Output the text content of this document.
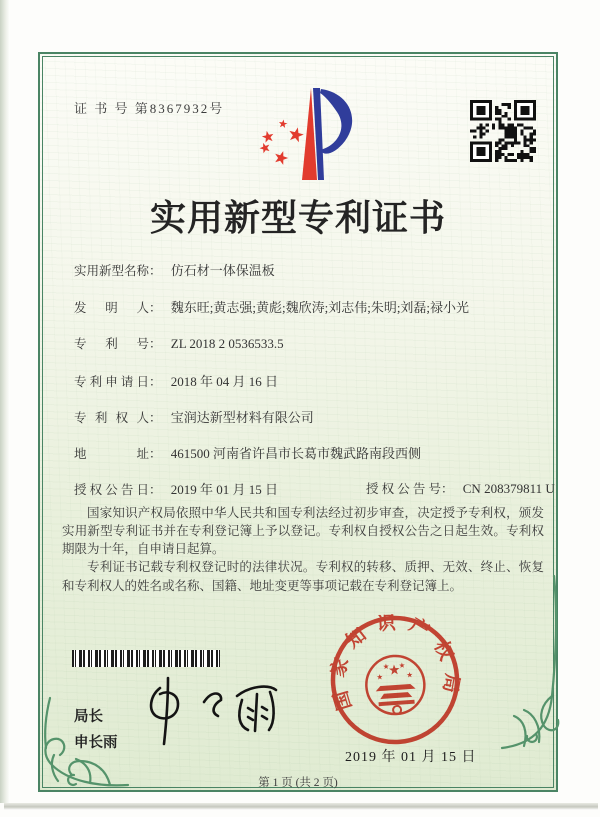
证 书 号 第8367932号
实用新型专利证书
实用新型名称： 仿石材一体保温板
发明人： 魏东旺;黄志强;黄彪;魏欣涛;刘志伟;朱明;刘磊;禄小光
专利号： ZL 2018 2 0536533.5
专利申请日： 2018 年 04 月 16 日
专利权人： 宝润达新型材料有限公司
地址： 461500 河南省许昌市长葛市魏武路南段西侧
授权公告日： 2019 年 01 月 15 日	授权公告号： CN 208379811 U

国家知识产权局依照中华人民共和国专利法经过初步审查，决定授予专利权，颁发实用新型专利证书并在专利登记簿上予以登记。专利权自授权公告之日起生效。专利权期限为十年，自申请日起算。

专利证书记载专利权登记时的法律状况。专利权的转移、质押、无效、终止、恢复和专利权人的姓名或名称、国籍、地址变更等事项记载在专利登记簿上。

局长
申长雨
国家知识产权局
2019 年 01 月 15 日
第 1 页 (共 2 页)
